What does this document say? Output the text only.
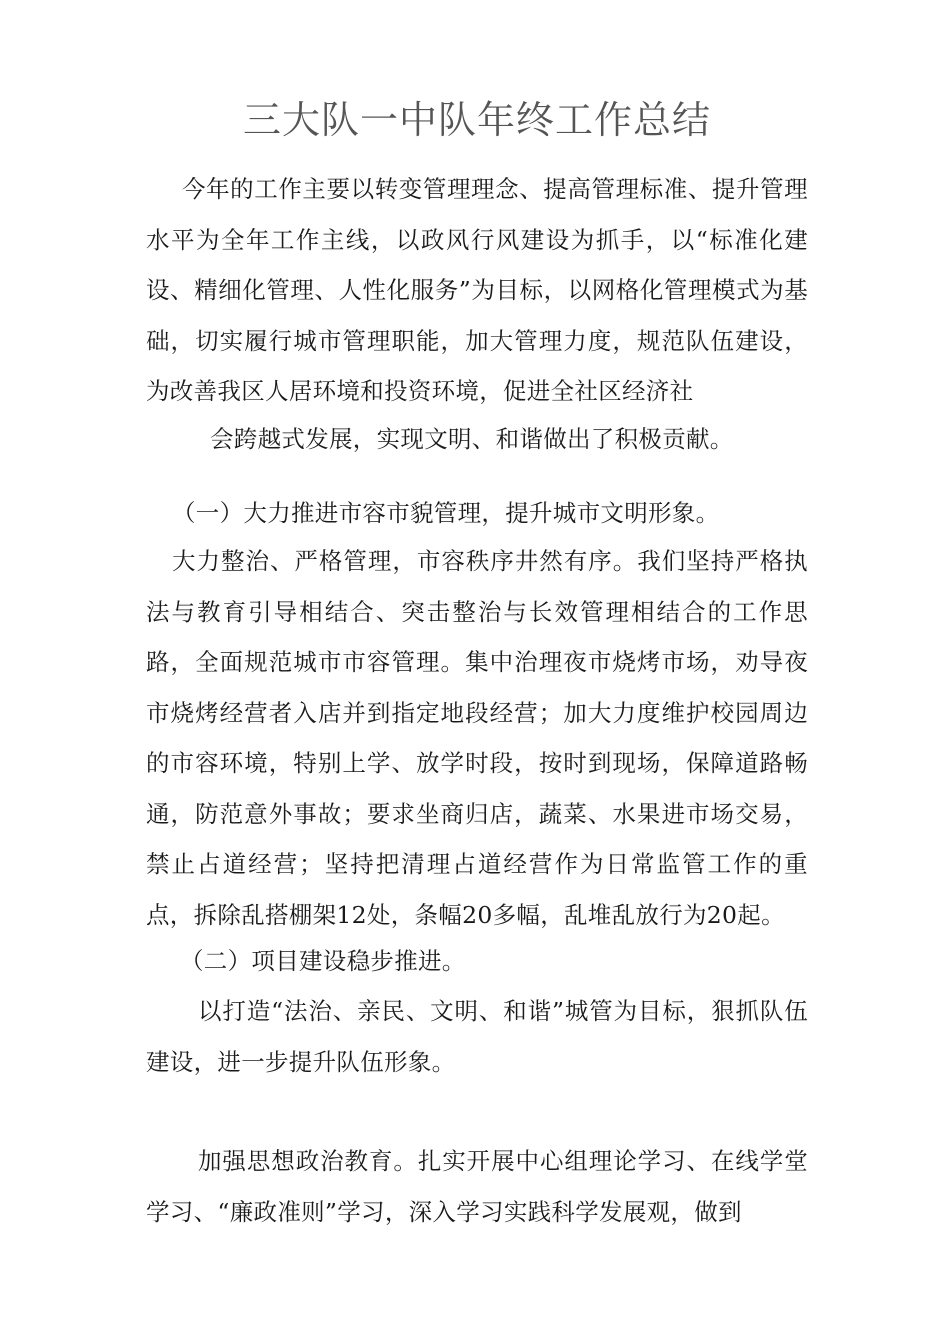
三大队一中队年终工作总结

今年的工作主要以转变管理理念、提高管理标准、提升管理水平为全年工作主线，以政风行风建设为抓手，以“标准化建设、精细化管理、人性化服务”为目标，以网格化管理模式为基础，切实履行城市管理职能，加大管理力度，规范队伍建设，为改善我区人居环境和投资环境，促进全社区经济社

会跨越式发展，实现文明、和谐做出了积极贡献。

（一）大力推进市容市貌管理，提升城市文明形象。

大力整治、严格管理，市容秩序井然有序。我们坚持严格执法与教育引导相结合、突击整治与长效管理相结合的工作思路，全面规范城市市容管理。集中治理夜市烧烤市场，劝导夜市烧烤经营者入店并到指定地段经营；加大力度维护校园周边的市容环境，特别上学、放学时段，按时到现场，保障道路畅通，防范意外事故；要求坐商归店，蔬菜、水果进市场交易，禁止占道经营；坚持把清理占道经营作为日常监管工作的重点，拆除乱搭棚架12处，条幅20多幅，乱堆乱放行为20起。

（二）项目建设稳步推进。

以打造“法治、亲民、文明、和谐”城管为目标，狠抓队伍建设，进一步提升队伍形象。

加强思想政治教育。扎实开展中心组理论学习、在线学堂学习、“廉政准则”学习，深入学习实践科学发展观，做到
